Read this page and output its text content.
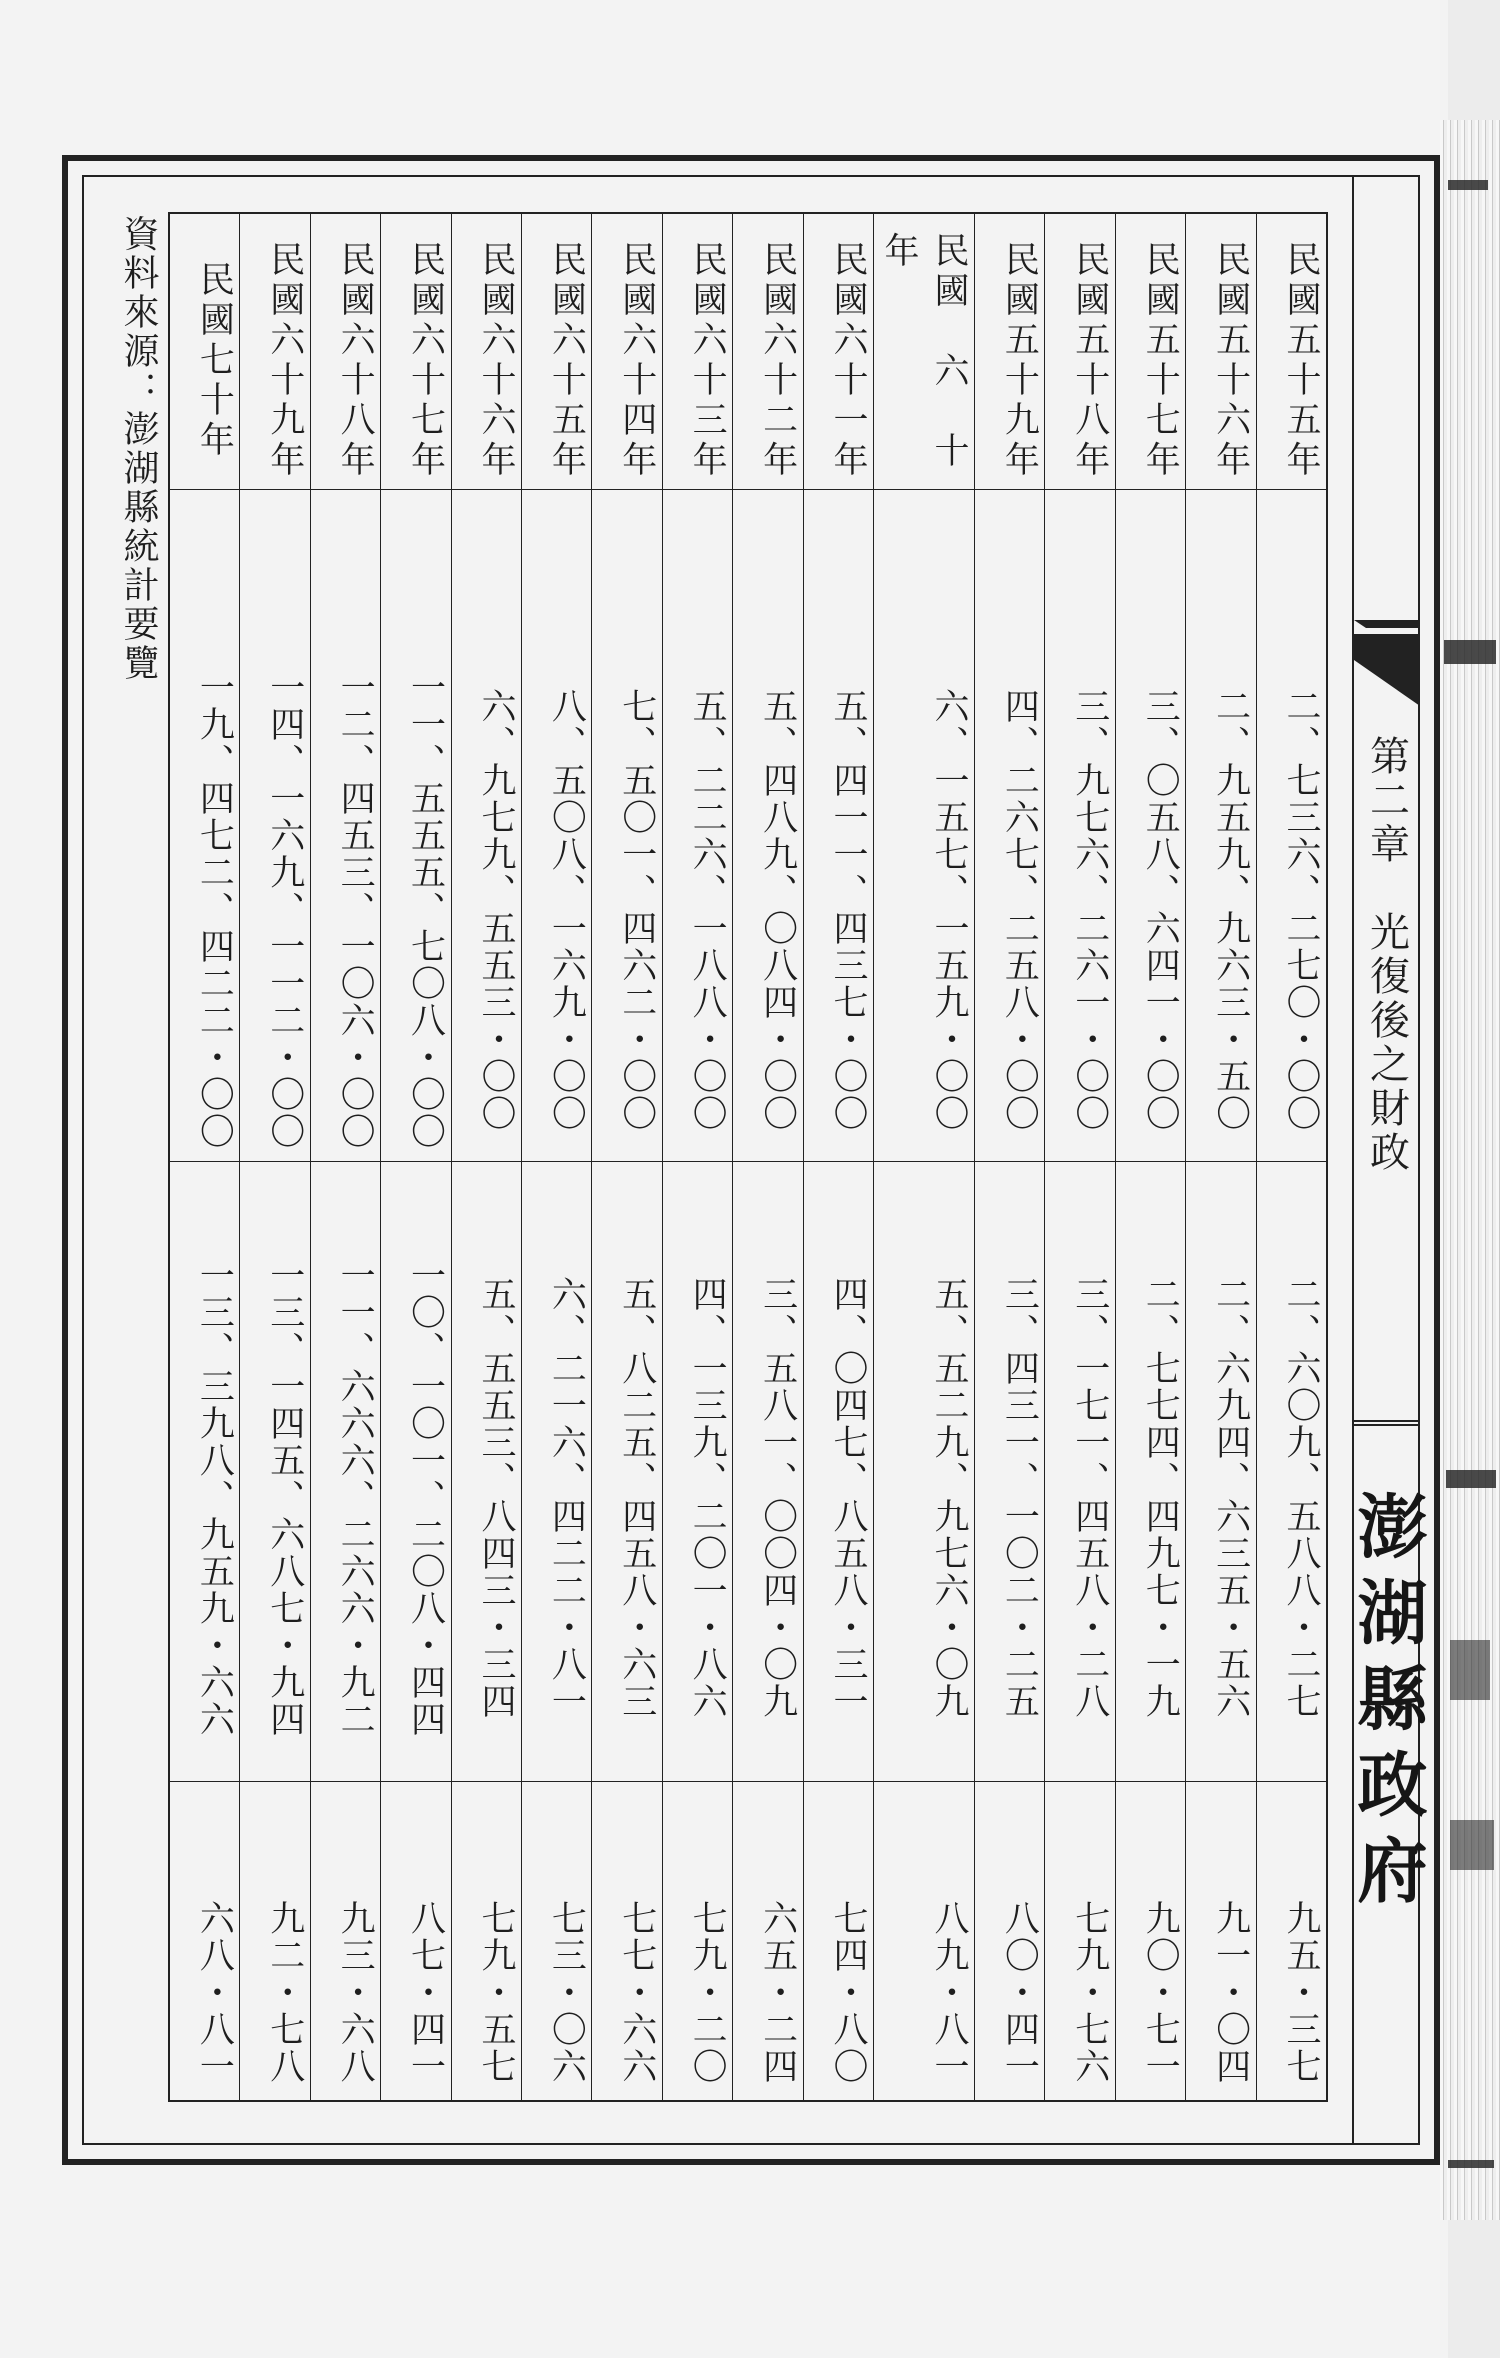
第二章　光復後之財政
澎湖縣政府
資料來源：澎湖縣統計要覽	民國五十五年
二、七三六、二七〇・〇〇
二、六〇九、五八八・二七
九五・三七
民國五十六年
二、九五九、九六三・五〇
二、六九四、六三五・五六
九一・〇四
民國五十七年
三、〇五八、六四一・〇〇
二、七七四、四九七・一九
九〇・七一
民國五十八年
三、九七六、二六一・〇〇
三、一七一、四五八・二八
七九・七六
民國五十九年
四、二六七、二五八・〇〇
三、四三一、一〇二・二五
八〇・四一
民國　六　十　年
六、一五七、一五九・〇〇
五、五二九、九七六・〇九
八九・八一
民國六十一年
五、四一一、四三七・〇〇
四、〇四七、八五八・三一
七四・八〇
民國六十二年
五、四八九、〇八四・〇〇
三、五八一、〇〇四・〇九
六五・二四
民國六十三年
五、二二六、一八八・〇〇
四、一三九、二〇一・八六
七九・二〇
民國六十四年
七、五〇一、四六二・〇〇
五、八二五、四五八・六三
七七・六六
民國六十五年
八、五〇八、一六九・〇〇
六、二一六、四二二・八一
七三・〇六
民國六十六年
六、九七九、五五三・〇〇
五、五五三、八四三・三四
七九・五七
民國六十七年
一一、五五五、七〇八・〇〇
一〇、一〇一、二〇八・四四
八七・四一
民國六十八年
一二、四五三、一〇六・〇〇
一一、六六六、二六六・九二
九三・六八
民國六十九年
一四、一六九、一一二・〇〇
一三、一四五、六八七・九四
九二・七八
民國七十年
一九、四七二、四二二・〇〇
一三、三九八、九五九・六六
六八・八一
